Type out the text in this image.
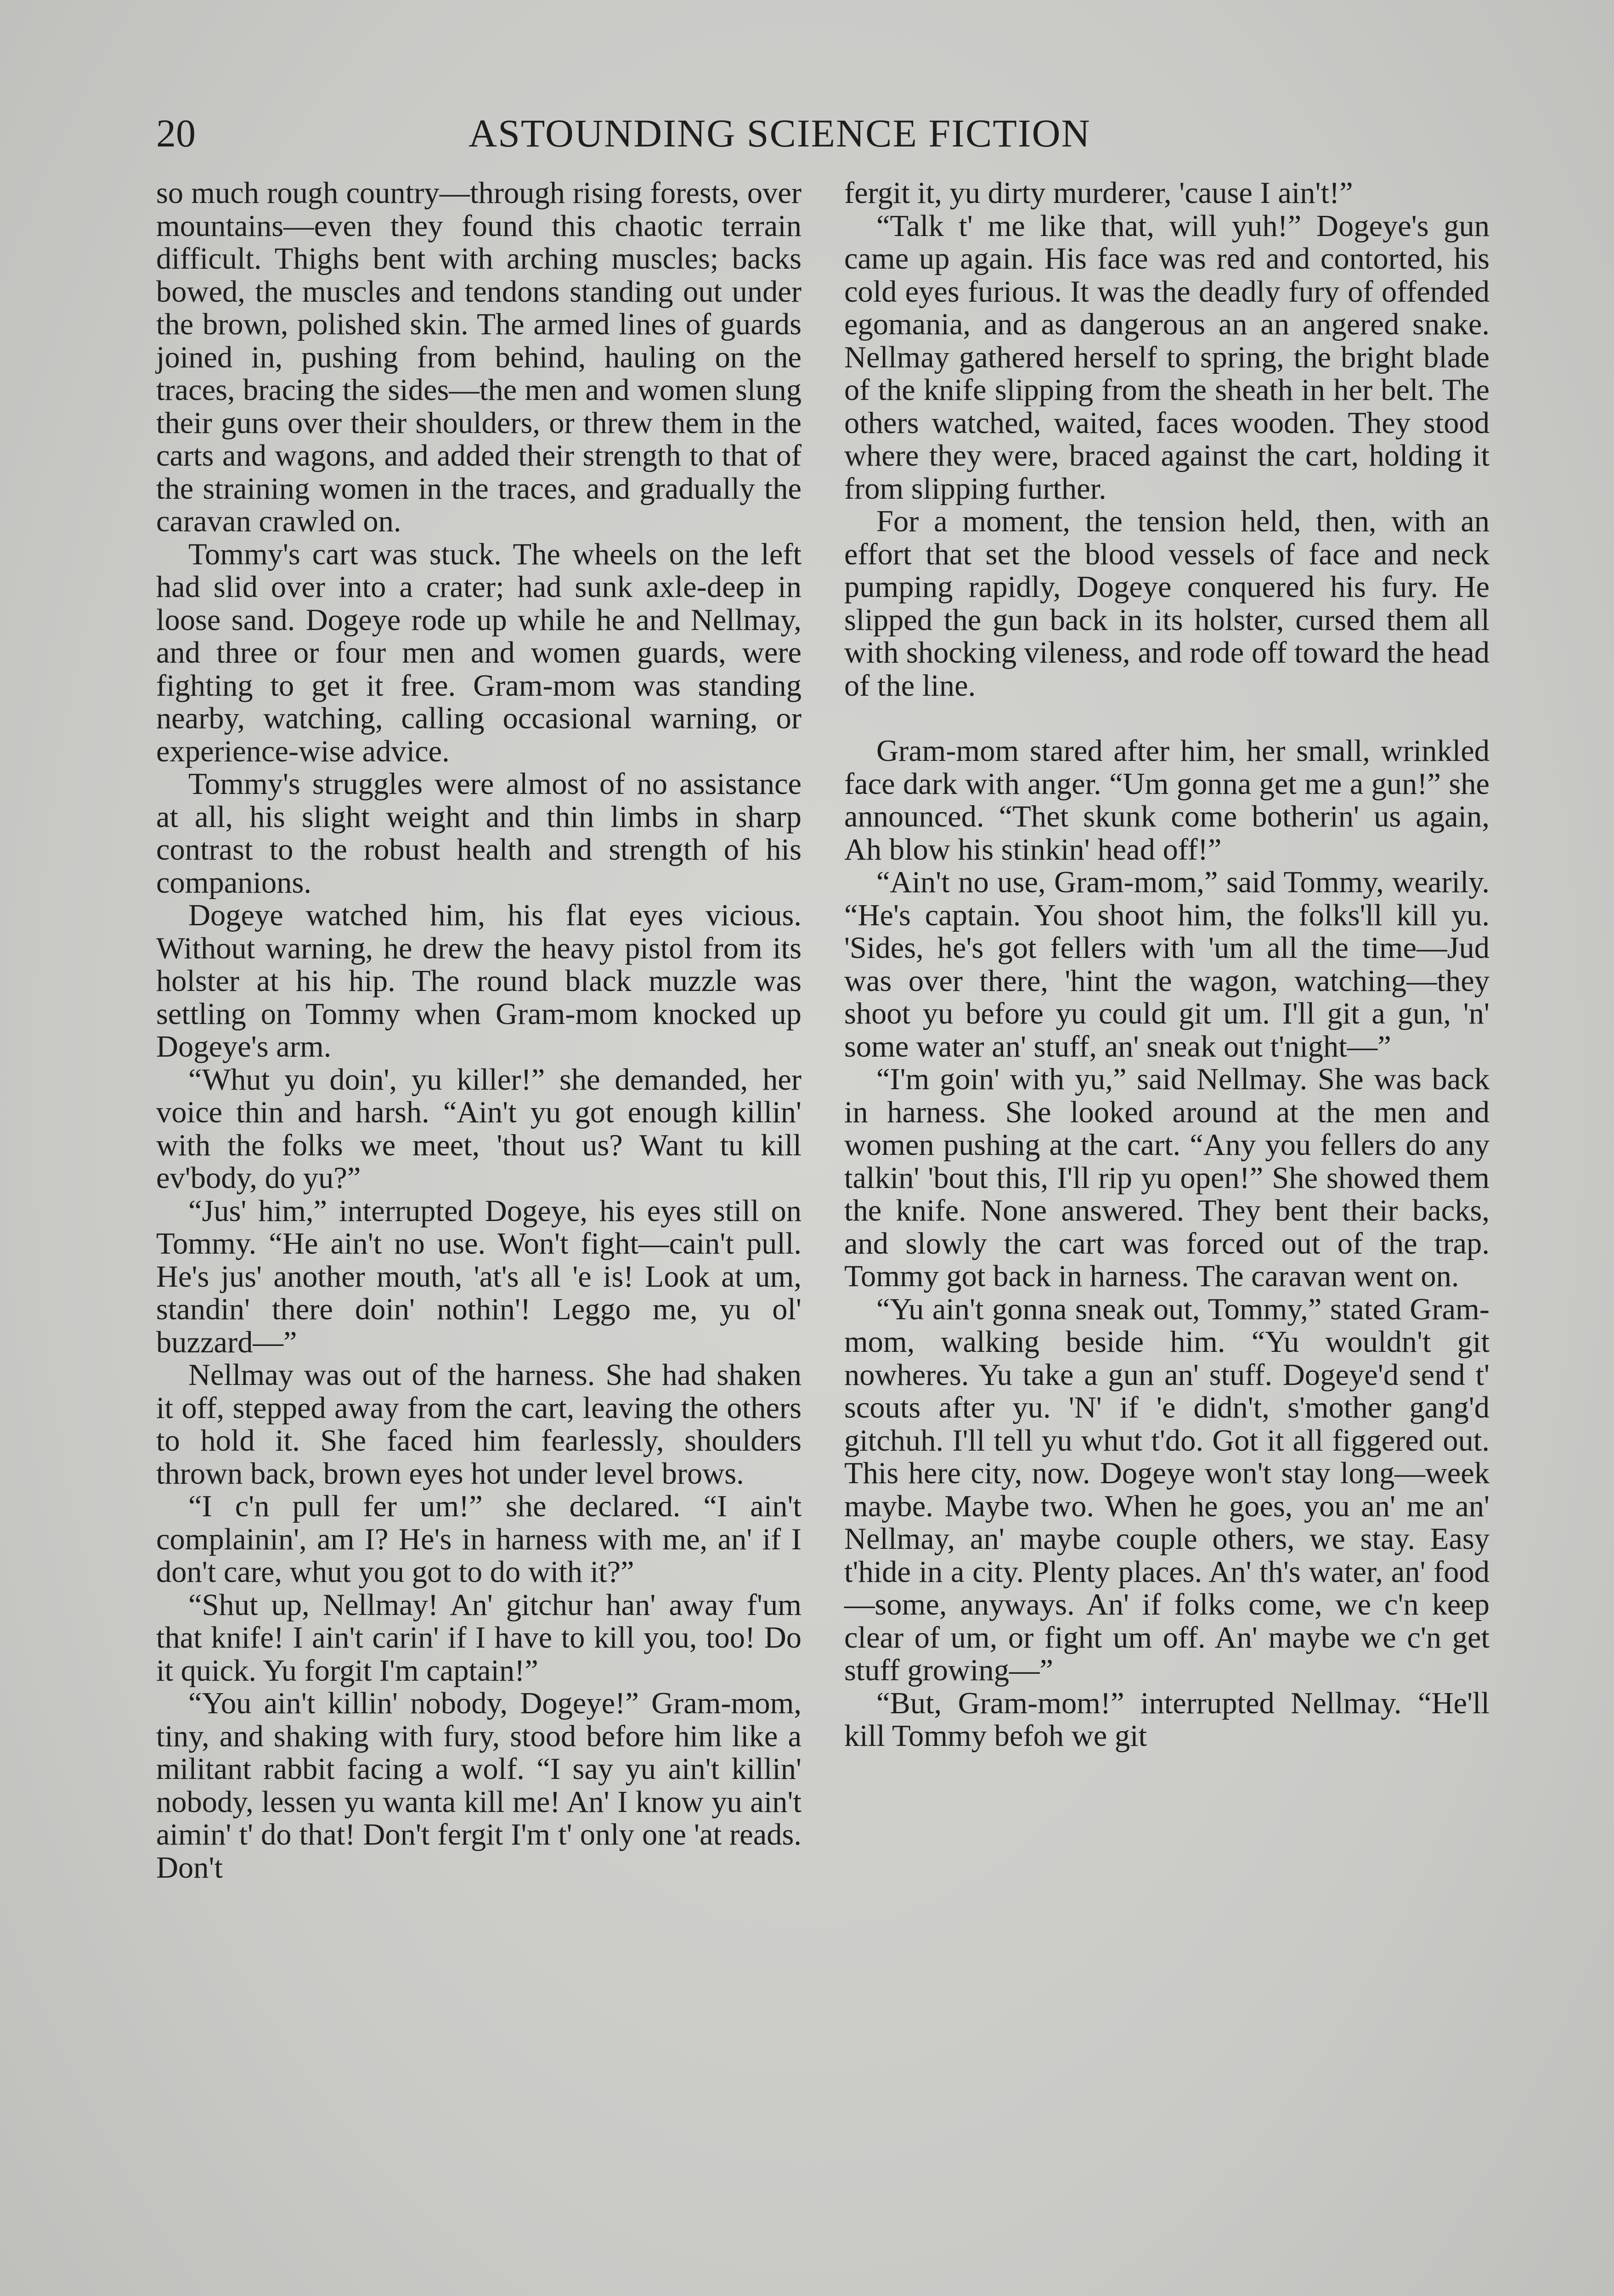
20	ASTOUNDING SCIENCE FICTION

so much rough country—through rising forests, over mountains—even they found this chaotic terrain difficult. Thighs bent with arching muscles; backs bowed, the muscles and tendons standing out under the brown, polished skin. The armed lines of guards joined in, pushing from behind, hauling on the traces, bracing the sides—the men and women slung their guns over their shoulders, or threw them in the carts and wagons, and added their strength to that of the straining women in the traces, and gradually the caravan crawled on.

Tommy's cart was stuck. The wheels on the left had slid over into a crater; had sunk axle-deep in loose sand. Dogeye rode up while he and Nellmay, and three or four men and women guards, were fighting to get it free. Gram-mom was standing nearby, watching, calling occasional warning, or experience-wise advice.

Tommy's struggles were almost of no assistance at all, his slight weight and thin limbs in sharp contrast to the robust health and strength of his companions.

Dogeye watched him, his flat eyes vicious. Without warning, he drew the heavy pistol from its holster at his hip. The round black muzzle was settling on Tommy when Gram-mom knocked up Dogeye's arm.

“Whut yu doin', yu killer!” she demanded, her voice thin and harsh. “Ain't yu got enough killin' with the folks we meet, 'thout us? Want tu kill ev'body, do yu?”

“Jus' him,” interrupted Dogeye, his eyes still on Tommy. “He ain't no use. Won't fight—cain't pull. He's jus' another mouth, 'at's all 'e is! Look at um, standin' there doin' nothin'! Leggo me, yu ol' buzzard—”

Nellmay was out of the harness. She had shaken it off, stepped away from the cart, leaving the others to hold it. She faced him fearlessly, shoulders thrown back, brown eyes hot under level brows.

“I c'n pull fer um!” she declared. “I ain't complainin', am I? He's in harness with me, an' if I don't care, whut you got to do with it?”

“Shut up, Nellmay! An' gitchur han' away f'um that knife! I ain't carin' if I have to kill you, too! Do it quick. Yu forgit I'm captain!”

“You ain't killin' nobody, Dogeye!” Gram-mom, tiny, and shaking with fury, stood before him like a militant rabbit facing a wolf. “I say yu ain't killin' nobody, lessen yu wanta kill me! An' I know yu ain't aimin' t' do that! Don't fergit I'm t' only one 'at reads. Don't

fergit it, yu dirty murderer, 'cause I ain't!”

“Talk t' me like that, will yuh!” Dogeye's gun came up again. His face was red and contorted, his cold eyes furious. It was the deadly fury of offended egomania, and as dangerous an an angered snake. Nellmay gathered herself to spring, the bright blade of the knife slipping from the sheath in her belt. The others watched, waited, faces wooden. They stood where they were, braced against the cart, holding it from slipping further.

For a moment, the tension held, then, with an effort that set the blood vessels of face and neck pumping rapidly, Dogeye conquered his fury. He slipped the gun back in its holster, cursed them all with shocking vileness, and rode off toward the head of the line.

Gram-mom stared after him, her small, wrinkled face dark with anger. “Um gonna get me a gun!” she announced. “Thet skunk come botherin' us again, Ah blow his stinkin' head off!”

“Ain't no use, Gram-mom,” said Tommy, wearily. “He's captain. You shoot him, the folks'll kill yu. 'Sides, he's got fellers with 'um all the time—Jud was over there, 'hint the wagon, watching—they shoot yu before yu could git um. I'll git a gun, 'n' some water an' stuff, an' sneak out t'night—”

“I'm goin' with yu,” said Nellmay. She was back in harness. She looked around at the men and women pushing at the cart. “Any you fellers do any talkin' 'bout this, I'll rip yu open!” She showed them the knife. None answered. They bent their backs, and slowly the cart was forced out of the trap. Tommy got back in harness. The caravan went on.

“Yu ain't gonna sneak out, Tommy,” stated Gram-mom, walking beside him. “Yu wouldn't git nowheres. Yu take a gun an' stuff. Dogeye'd send t' scouts after yu. 'N' if 'e didn't, s'mother gang'd gitchuh. I'll tell yu whut t'do. Got it all figgered out. This here city, now. Dogeye won't stay long—week maybe. Maybe two. When he goes, you an' me an' Nellmay, an' maybe couple others, we stay. Easy t'hide in a city. Plenty places. An' th's water, an' food—some, anyways. An' if folks come, we c'n keep clear of um, or fight um off. An' maybe we c'n get stuff growing—”

“But, Gram-mom!” interrupted Nellmay. “He'll kill Tommy befoh we git
